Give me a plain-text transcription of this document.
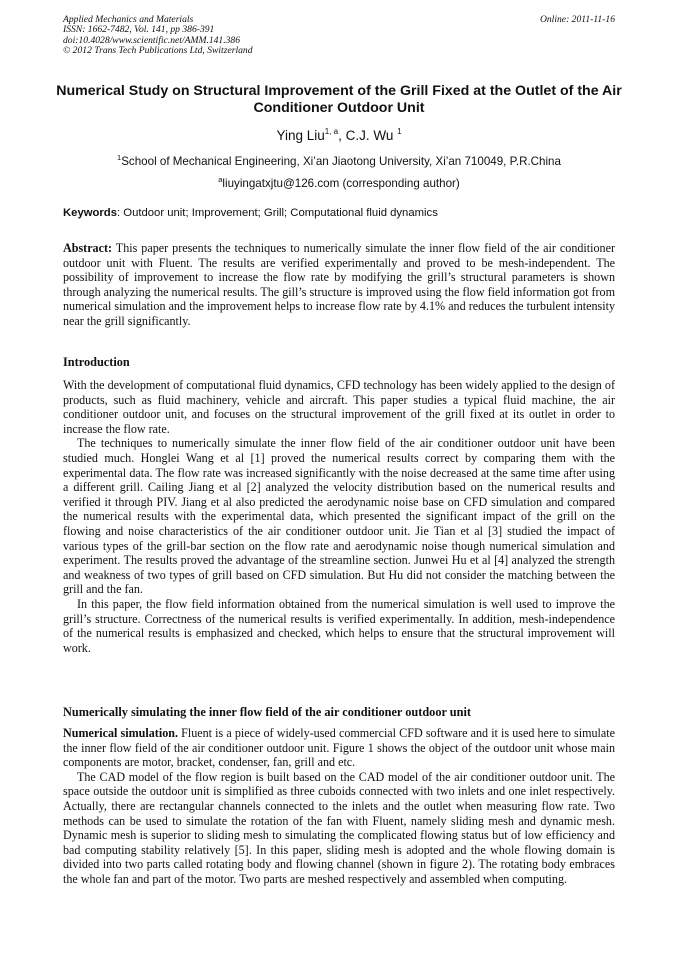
Applied Mechanics and Materials
ISSN: 1662-7482, Vol. 141, pp 386-391
doi:10.4028/www.scientific.net/AMM.141.386
© 2012 Trans Tech Publications Ltd, Switzerland
Online: 2011-11-16
Numerical Study on Structural Improvement of the Grill Fixed at the Outlet of the Air Conditioner Outdoor Unit
Ying Liu$^{1, a}$, C.J. Wu $^1$
$^1$School of Mechanical Engineering, Xi’an Jiaotong University, Xi’an 710049, P.R.China
$^a$liuyingatxjtu@126.com (corresponding author)
Keywords: Outdoor unit; Improvement; Grill; Computational fluid dynamics

Abstract: This paper presents the techniques to numerically simulate the inner flow field of the air conditioner outdoor unit with Fluent. The results are verified experimentally and proved to be mesh-independent. The possibility of improvement to increase the flow rate by modifying the grill’s structural parameters is shown through analyzing the numerical results. The gill’s structure is improved using the flow field information got from numerical simulation and the improvement helps to increase flow rate by 4.1% and reduces the turbulent intensity near the grill significantly.

Introduction

With the development of computational fluid dynamics, CFD technology has been widely applied to the design of products, such as fluid machinery, vehicle and aircraft. This paper studies a typical fluid machine, the air conditioner outdoor unit, and focuses on the structural improvement of the grill fixed at its outlet in order to increase the flow rate.

The techniques to numerically simulate the inner flow field of the air conditioner outdoor unit have been studied much. Honglei Wang et al [1] proved the numerical results correct by comparing them with the experimental data. The flow rate was increased significantly with the noise decreased at the same time after using a different grill. Cailing Jiang et al [2] analyzed the velocity distribution based on the numerical results and verified it through PIV. Jiang et al also predicted the aerodynamic noise base on CFD simulation and compared the numerical results with the experimental data, which presented the significant impact of the grill on the flowing and noise characteristics of the air conditioner outdoor unit. Jie Tian et al [3] studied the impact of various types of the grill-bar section on the flow rate and aerodynamic noise though numerical simulation and experiment. The results proved the advantage of the streamline section. Junwei Hu et al [4] analyzed the strength and weakness of two types of grill based on CFD simulation. But Hu did not consider the matching between the grill and the fan.

In this paper, the flow field information obtained from the numerical simulation is well used to improve the grill’s structure. Correctness of the numerical results is verified experimentally. In addition, mesh-independence of the numerical results is emphasized and checked, which helps to ensure that the structural improvement will work.

Numerically simulating the inner flow field of the air conditioner outdoor unit

Numerical simulation. Fluent is a piece of widely-used commercial CFD software and it is used here to simulate the inner flow field of the air conditioner outdoor unit. Figure 1 shows the object of the outdoor unit whose main components are motor, bracket, condenser, fan, grill and etc.

The CAD model of the flow region is built based on the CAD model of the air conditioner outdoor unit. The space outside the outdoor unit is simplified as three cuboids connected with two inlets and one inlet respectively. Actually, there are rectangular channels connected to the inlets and the outlet when measuring flow rate. Two methods can be used to simulate the rotation of the fan with Fluent, namely sliding mesh and dynamic mesh. Dynamic mesh is superior to sliding mesh to simulating the complicated flowing status but of low efficiency and bad computing stability relatively [5]. In this paper, sliding mesh is adopted and the whole flowing domain is divided into two parts called rotating body and flowing channel (shown in figure 2). The rotating body embraces the whole fan and part of the motor. Two parts are meshed respectively and assembled when computing.
